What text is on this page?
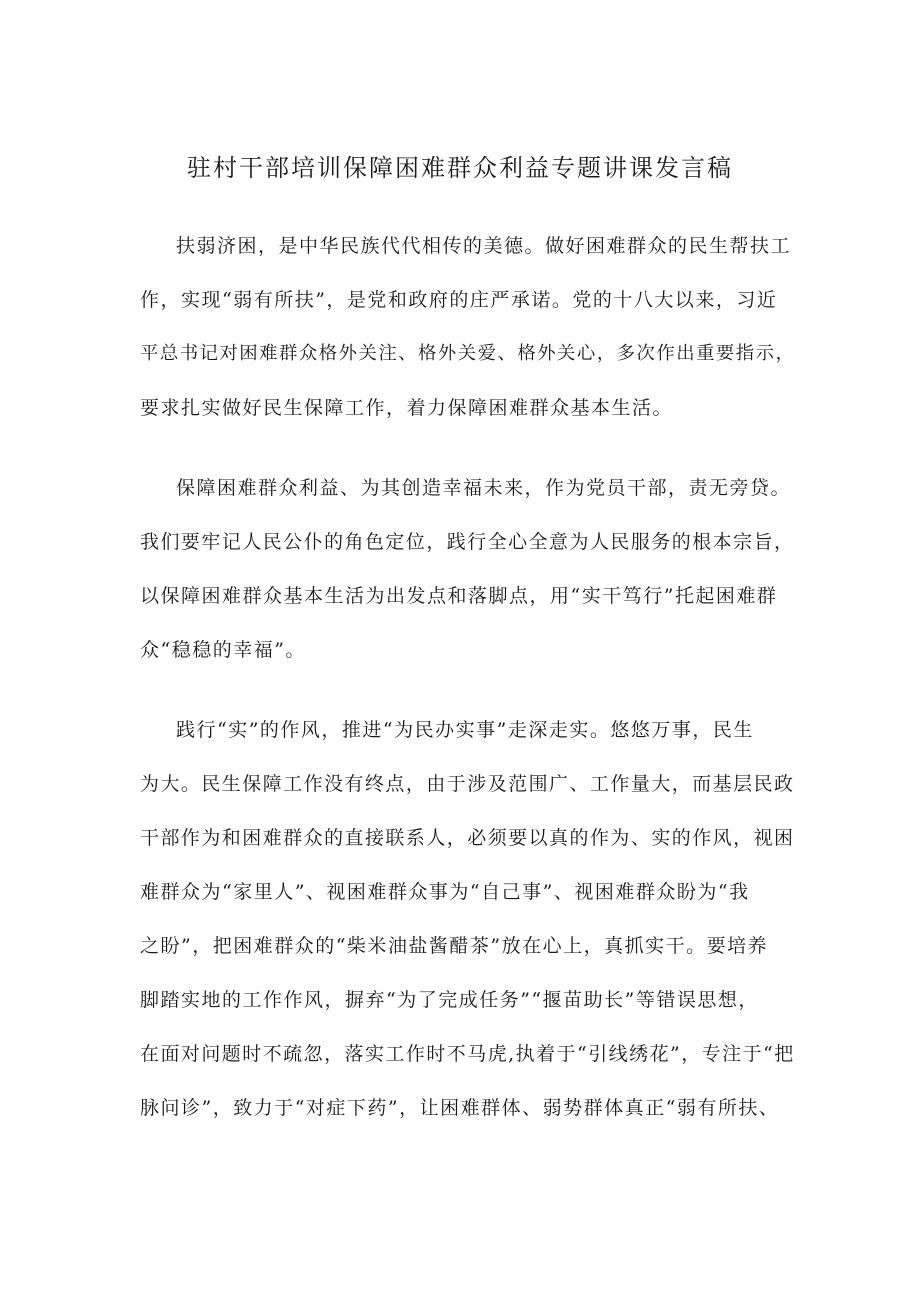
驻村干部培训保障困难群众利益专题讲课发言稿
扶弱济困，是中华民族代代相传的美德。做好困难群众的民生帮扶工
作，实现“弱有所扶”，是党和政府的庄严承诺。党的十八大以来，习近
平总书记对困难群众格外关注、格外关爱、格外关心，多次作出重要指示，
要求扎实做好民生保障工作，着力保障困难群众基本生活。
保障困难群众利益、为其创造幸福未来，作为党员干部，责无旁贷。
我们要牢记人民公仆的角色定位，践行全心全意为人民服务的根本宗旨，
以保障困难群众基本生活为出发点和落脚点，用“实干笃行”托起困难群
众“稳稳的幸福”。
践行“实”的作风，推进“为民办实事”走深走实。悠悠万事，民生
为大。民生保障工作没有终点，由于涉及范围广、工作量大，而基层民政
干部作为和困难群众的直接联系人，必须要以真的作为、实的作风，视困
难群众为“家里人”、视困难群众事为“自己事”、视困难群众盼为“我
之盼”，把困难群众的“柴米油盐酱醋茶”放在心上，真抓实干。要培养
脚踏实地的工作作风，摒弃“为了完成任务”“揠苗助长”等错误思想，
在面对问题时不疏忽，落实工作时不马虎,执着于“引线绣花”，专注于“把
脉问诊”，致力于“对症下药”，让困难群体、弱势群体真正“弱有所扶、
